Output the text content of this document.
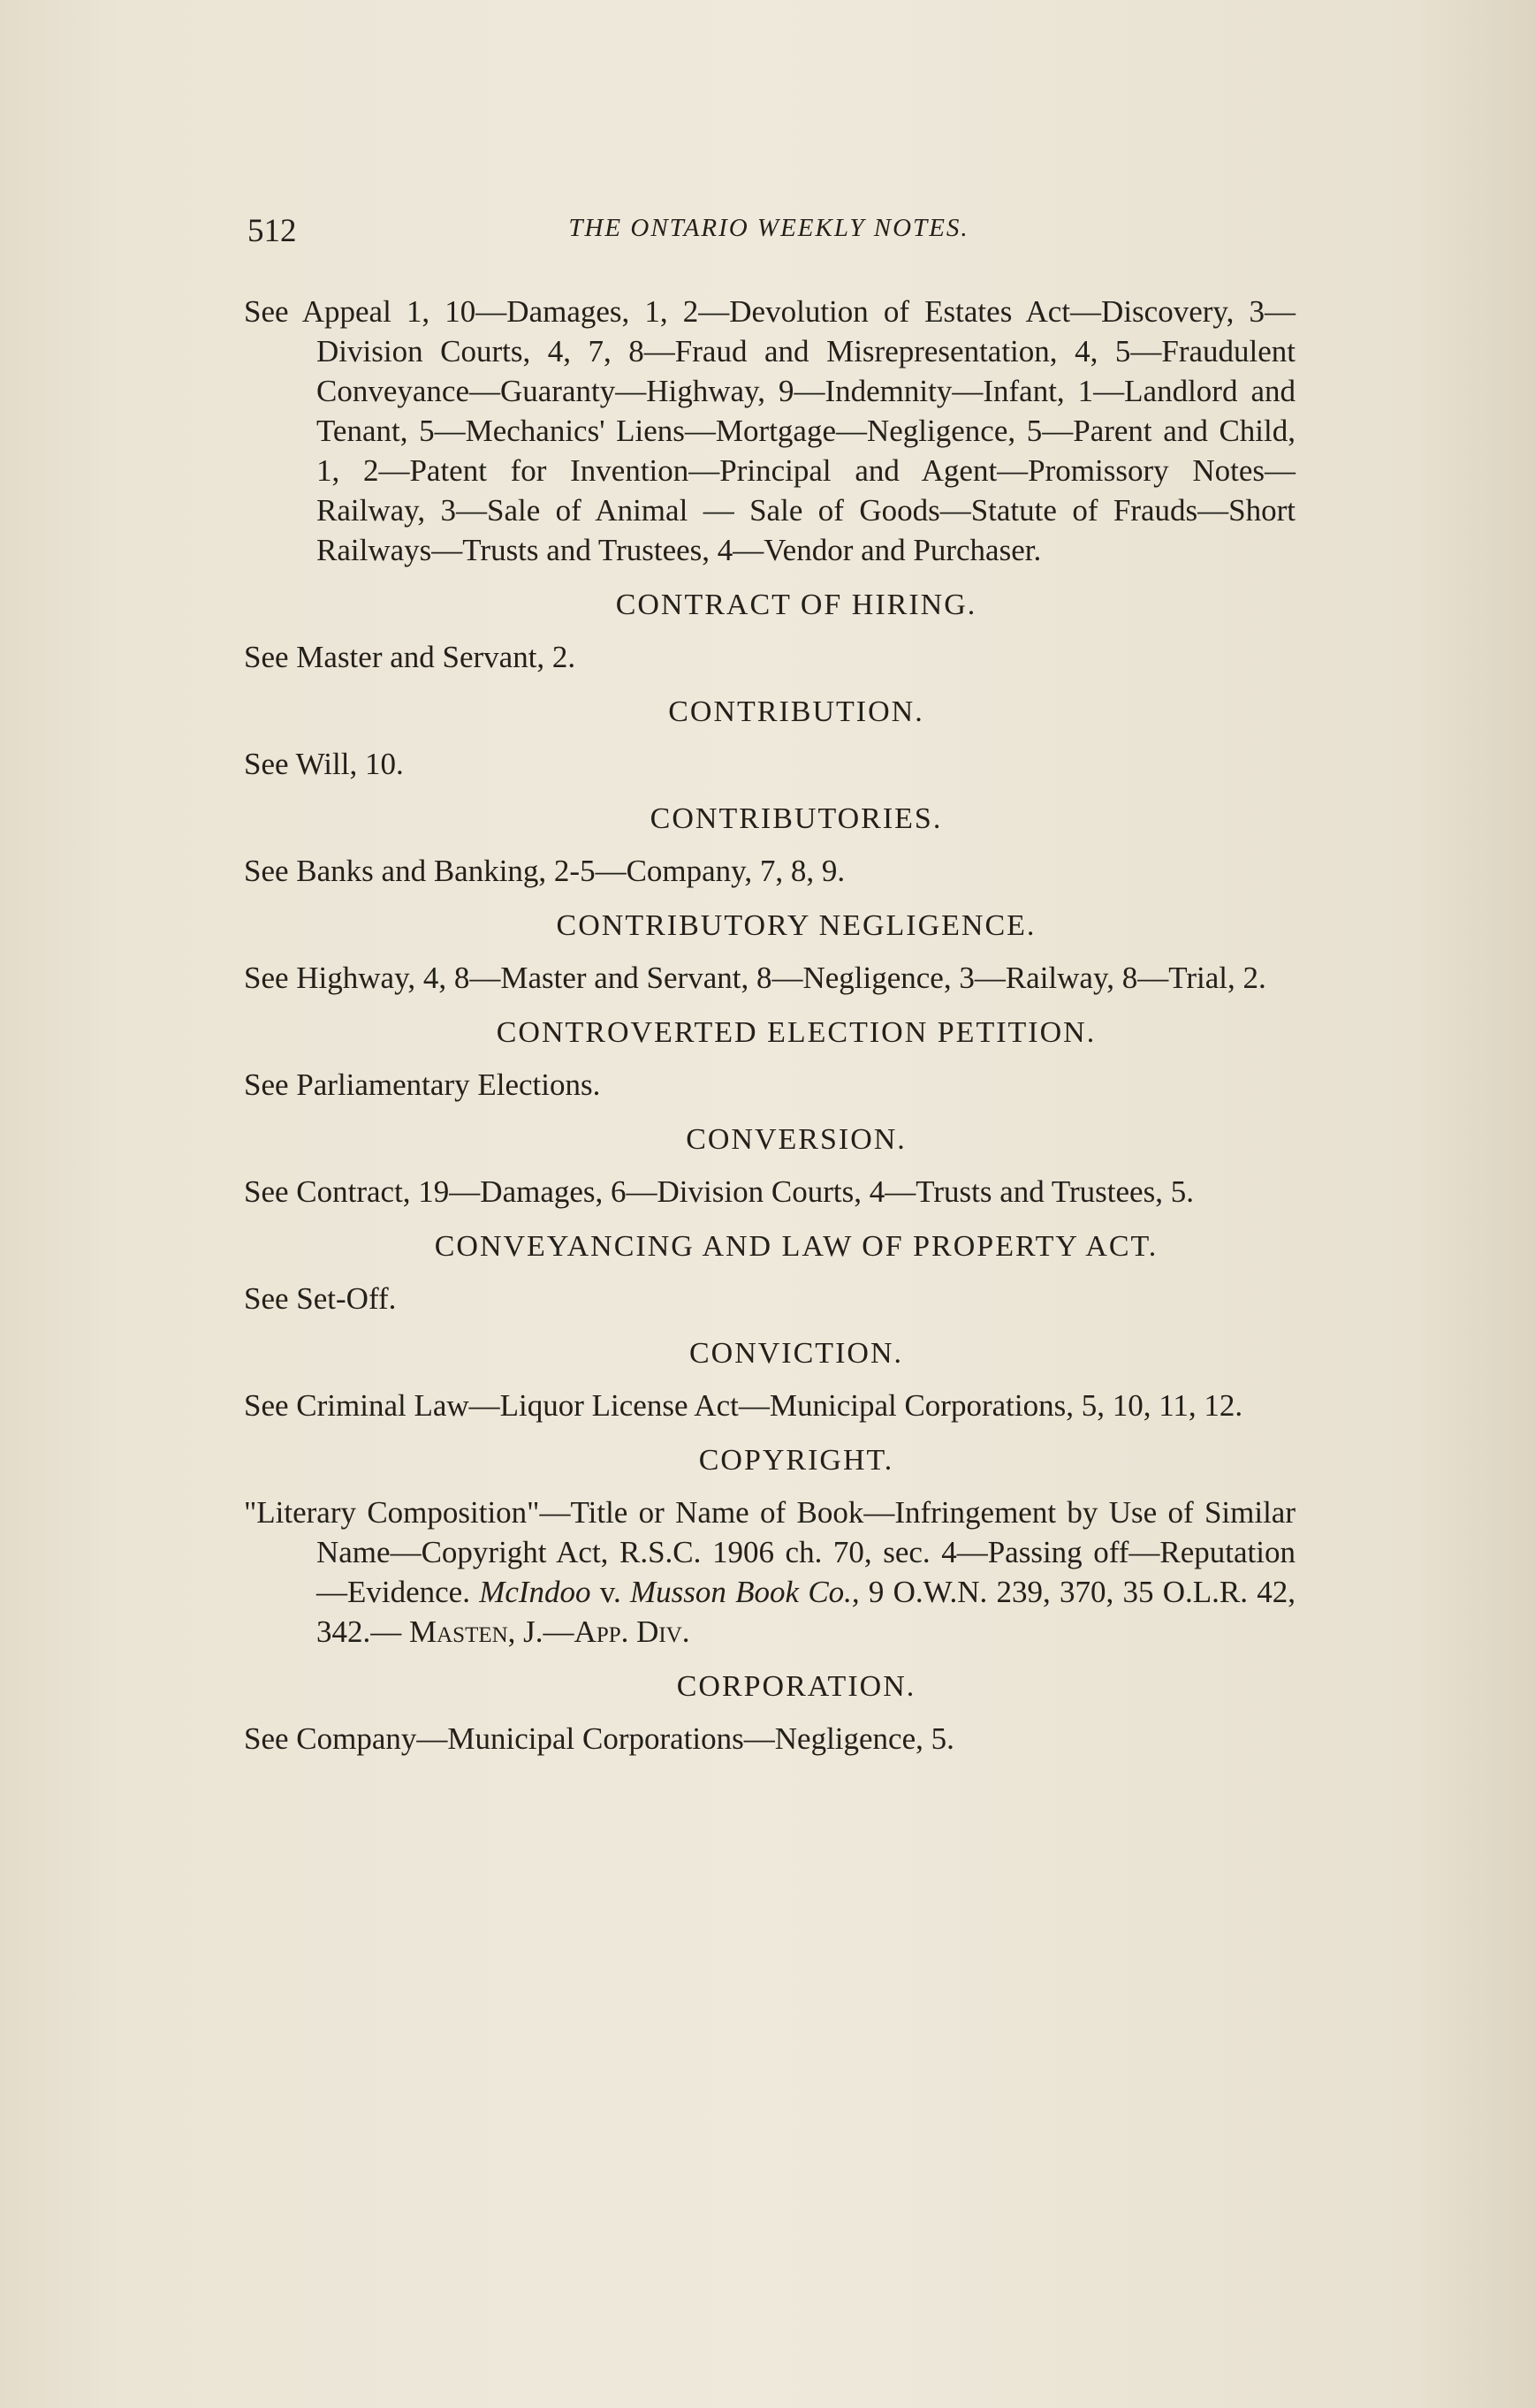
512	THE ONTARIO WEEKLY NOTES.

See Appeal 1, 10—Damages, 1, 2—Devolution of Estates Act—Discovery, 3—Division Courts, 4, 7, 8—Fraud and Misrepresentation, 4, 5—Fraudulent Conveyance—Guaranty—Highway, 9—Indemnity—Infant, 1—Landlord and Tenant, 5—Mechanics' Liens—Mortgage—Negligence, 5—Parent and Child, 1, 2—Patent for Invention—Principal and Agent—Promissory Notes—Railway, 3—Sale of Animal — Sale of Goods—Statute of Frauds—Short Railways—Trusts and Trustees, 4—Vendor and Purchaser.

CONTRACT OF HIRING.

See Master and Servant, 2.

CONTRIBUTION.

See Will, 10.

CONTRIBUTORIES.

See Banks and Banking, 2-5—Company, 7, 8, 9.

CONTRIBUTORY NEGLIGENCE.

See Highway, 4, 8—Master and Servant, 8—Negligence, 3—Railway, 8—Trial, 2.

CONTROVERTED ELECTION PETITION.

See Parliamentary Elections.

CONVERSION.

See Contract, 19—Damages, 6—Division Courts, 4—Trusts and Trustees, 5.

CONVEYANCING AND LAW OF PROPERTY ACT.

See Set-Off.

CONVICTION.

See Criminal Law—Liquor License Act—Municipal Corporations, 5, 10, 11, 12.

COPYRIGHT.

"Literary Composition"—Title or Name of Book—Infringement by Use of Similar Name—Copyright Act, R.S.C. 1906 ch. 70, sec. 4—Passing off—Reputation—Evidence. McIndoo v. Musson Book Co., 9 O.W.N. 239, 370, 35 O.L.R. 42, 342.— Masten, J.—App. Div.

CORPORATION.

See Company—Municipal Corporations—Negligence, 5.
